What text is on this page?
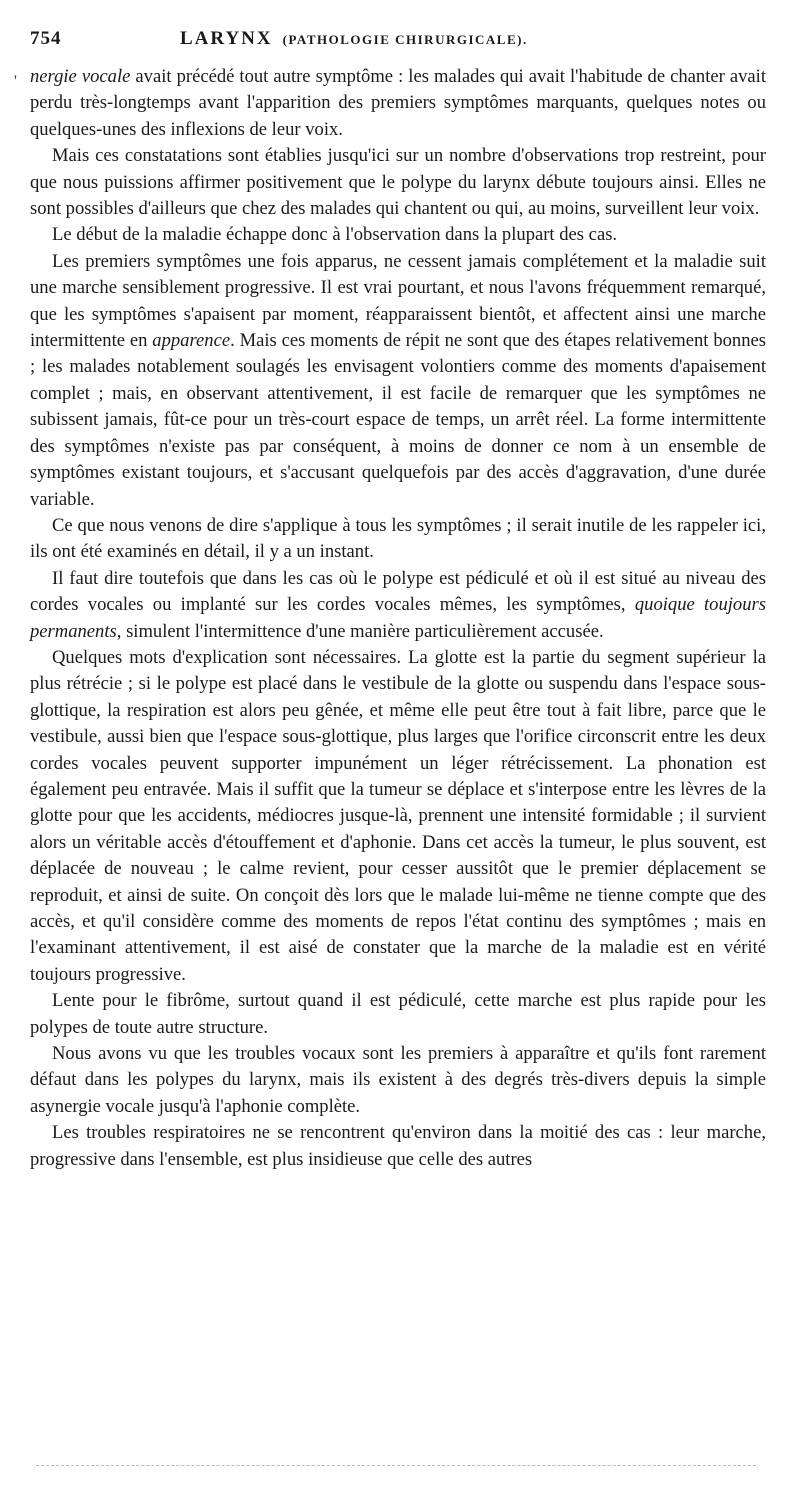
'
754	LARYNX (PATHOLOGIE CHIRURGICALE).

nergie vocale avait précédé tout autre symptôme : les malades qui avait l'habitude de chanter avait perdu très-longtemps avant l'apparition des premiers symptômes marquants, quelques notes ou quelques-unes des inflexions de leur voix.

Mais ces constatations sont établies jusqu'ici sur un nombre d'observations trop restreint, pour que nous puissions affirmer positivement que le polype du larynx débute toujours ainsi. Elles ne sont possibles d'ailleurs que chez des malades qui chantent ou qui, au moins, surveillent leur voix.

Le début de la maladie échappe donc à l'observation dans la plupart des cas.

Les premiers symptômes une fois apparus, ne cessent jamais complétement et la maladie suit une marche sensiblement progressive. Il est vrai pourtant, et nous l'avons fréquemment remarqué, que les symptômes s'apaisent par moment, réapparaissent bientôt, et affectent ainsi une marche intermittente en apparence. Mais ces moments de répit ne sont que des étapes relativement bonnes ; les malades notablement soulagés les envisagent volontiers comme des moments d'apaisement complet ; mais, en observant attentivement, il est facile de remarquer que les symptômes ne subissent jamais, fût-ce pour un très-court espace de temps, un arrêt réel. La forme intermittente des symptômes n'existe pas par conséquent, à moins de donner ce nom à un ensemble de symptômes existant toujours, et s'accusant quelquefois par des accès d'aggravation, d'une durée variable.

Ce que nous venons de dire s'applique à tous les symptômes ; il serait inutile de les rappeler ici, ils ont été examinés en détail, il y a un instant.

Il faut dire toutefois que dans les cas où le polype est pédiculé et où il est situé au niveau des cordes vocales ou implanté sur les cordes vocales mêmes, les symptômes, quoique toujours permanents, simulent l'intermittence d'une manière particulièrement accusée.

Quelques mots d'explication sont nécessaires. La glotte est la partie du segment supérieur la plus rétrécie ; si le polype est placé dans le vestibule de la glotte ou suspendu dans l'espace sous-glottique, la respiration est alors peu gênée, et même elle peut être tout à fait libre, parce que le vestibule, aussi bien que l'espace sous-glottique, plus larges que l'orifice circonscrit entre les deux cordes vocales peuvent supporter impunément un léger rétrécissement. La phonation est également peu entravée. Mais il suffit que la tumeur se déplace et s'interpose entre les lèvres de la glotte pour que les accidents, médiocres jusque-là, prennent une intensité formidable ; il survient alors un véritable accès d'étouffement et d'aphonie. Dans cet accès la tumeur, le plus souvent, est déplacée de nouveau ; le calme revient, pour cesser aussitôt que le premier déplacement se reproduit, et ainsi de suite. On conçoit dès lors que le malade lui-même ne tienne compte que des accès, et qu'il considère comme des moments de repos l'état continu des symptômes ; mais en l'examinant attentivement, il est aisé de constater que la marche de la maladie est en vérité toujours progressive.

Lente pour le fibrôme, surtout quand il est pédiculé, cette marche est plus rapide pour les polypes de toute autre structure.

Nous avons vu que les troubles vocaux sont les premiers à apparaître et qu'ils font rarement défaut dans les polypes du larynx, mais ils existent à des degrés très-divers depuis la simple asynergie vocale jusqu'à l'aphonie complète.

Les troubles respiratoires ne se rencontrent qu'environ dans la moitié des cas : leur marche, progressive dans l'ensemble, est plus insidieuse que celle des autres
